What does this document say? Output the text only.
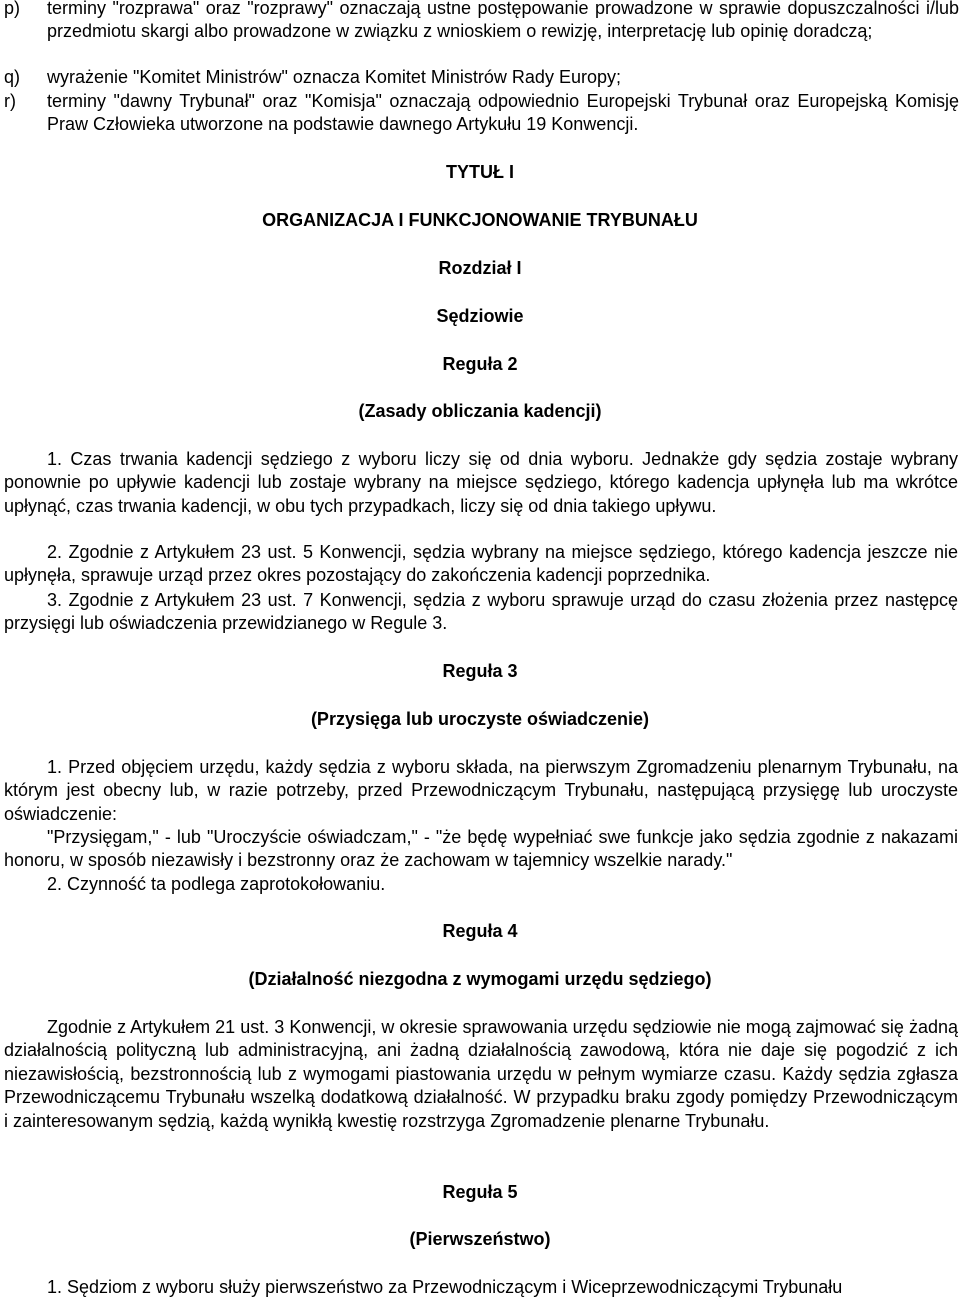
p)	terminy "rozprawa" oraz "rozprawy" oznaczają ustne postępowanie prowadzone w sprawie dopuszczalności i/lub przedmiotu skargi albo prowadzone w związku z wnioskiem o rewizję, interpretację lub opinię doradczą;
q)	wyrażenie "Komitet Ministrów" oznacza Komitet Ministrów Rady Europy;
r)	terminy "dawny Trybunał" oraz "Komisja" oznaczają odpowiednio Europejski Trybunał oraz Europejską Komisję Praw Człowieka utworzone na podstawie dawnego Artykułu 19 Konwencji.
TYTUŁ I
ORGANIZACJA I FUNKCJONOWANIE TRYBUNAŁU
Rozdział I
Sędziowie
Reguła 2
(Zasady obliczania kadencji)
1. Czas trwania kadencji sędziego z wyboru liczy się od dnia wyboru. Jednakże gdy sędzia zostaje wybrany ponownie po upływie kadencji lub zostaje wybrany na miejsce sędziego, którego kadencja upłynęła lub ma wkrótce upłynąć, czas trwania kadencji, w obu tych przypadkach, liczy się od dnia takiego upływu.
2. Zgodnie z Artykułem 23 ust. 5 Konwencji, sędzia wybrany na miejsce sędziego, którego kadencja jeszcze nie upłynęła, sprawuje urząd przez okres pozostający do zakończenia kadencji poprzednika.
3. Zgodnie z Artykułem 23 ust. 7 Konwencji, sędzia z wyboru sprawuje urząd do czasu złożenia przez następcę przysięgi lub oświadczenia przewidzianego w Regule 3.
Reguła 3
(Przysięga lub uroczyste oświadczenie)
1. Przed objęciem urzędu, każdy sędzia z wyboru składa, na pierwszym Zgromadzeniu plenarnym Trybunału, na którym jest obecny lub, w razie potrzeby, przed Przewodniczącym Trybunału, następującą przysięgę lub uroczyste oświadczenie:
"Przysięgam," - lub "Uroczyście oświadczam," - "że będę wypełniać swe funkcje jako sędzia zgodnie z nakazami honoru, w sposób niezawisły i bezstronny oraz że zachowam w tajemnicy wszelkie narady."
2. Czynność ta podlega zaprotokołowaniu.
Reguła 4
(Działalność niezgodna z wymogami urzędu sędziego)
Zgodnie z Artykułem 21 ust. 3 Konwencji, w okresie sprawowania urzędu sędziowie nie mogą zajmować się żadną działalnością polityczną lub administracyjną, ani żadną działalnością zawodową, która nie daje się pogodzić z ich niezawisłością, bezstronnością lub z wymogami piastowania urzędu w pełnym wymiarze czasu. Każdy sędzia zgłasza Przewodniczącemu Trybunału wszelką dodatkową działalność. W przypadku braku zgody pomiędzy Przewodniczącym i zainteresowanym sędzią, każdą wynikłą kwestię rozstrzyga Zgromadzenie plenarne Trybunału.
Reguła 5
(Pierwszeństwo)
1. Sędziom z wyboru służy pierwszeństwo za Przewodniczącym i Wiceprzewodniczącymi Trybunału
